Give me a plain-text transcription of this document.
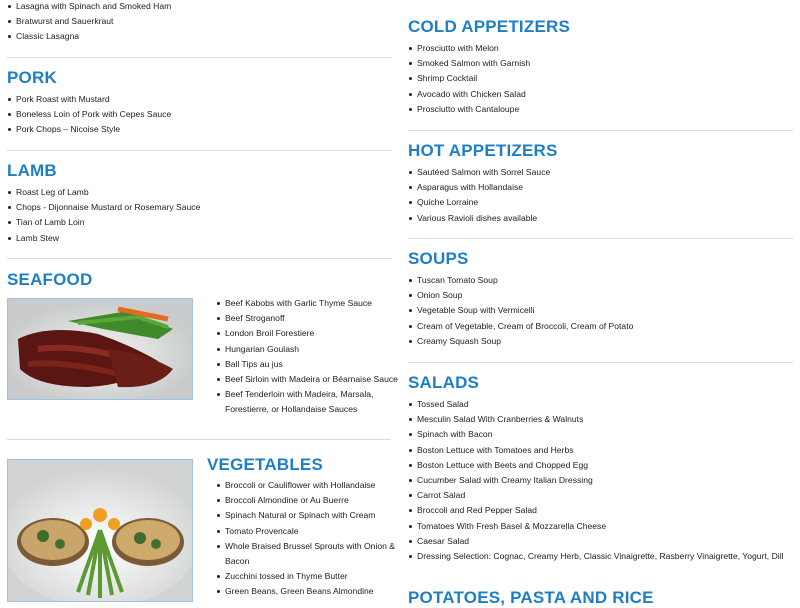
Lasagna with Spinach and Smoked Ham
Bratwurst and Sauerkraut
Classic Lasagna
PORK
Pork Roast with Mustard
Boneless Loin of Pork with Cepes Sauce
Pork Chops – Nicoise Style
LAMB
Roast Leg of Lamb
Chops - Dijonnaise Mustard or Rosemary Sauce
Tian of Lamb Loin
Lamb Stew
SEAFOOD
Beef Kabobs with Garlic Thyme Sauce
Beef Stroganoff
London Broil Forestiere
Hungarian Goulash
Ball Tips au jus
Beef Sirloin with Madeira or Béarnaise Sauce
Beef Tenderloin with Madeira, Marsala, Forestierre, or Hollandaise Sauces
VEGETABLES
Broccoli or Cauliflower with Hollandaise
Broccoli Almondine or Au Buerre
Spinach Natural or Spinach with Cream
Tomato Provencale
Whole Braised Brussel Sprouts with Onion & Bacon
Zucchini tossed in Thyme Butter
Green Beans, Green Beans Almondine
COLD APPETIZERS
Prosciutto with Melon
Smoked Salmon with Garnish
Shrimp Cocktail
Avocado with Chicken Salad
Prosciutto with Cantaloupe
HOT APPETIZERS
Sautéed Salmon with Sorrel Sauce
Asparagus with Hollandaise
Quiche Lorraine
Various Ravioli dishes available
SOUPS
Tuscan Tomato Soup
Onion Soup
Vegetable Soup with Vermicelli
Cream of Vegetable, Cream of Broccoli, Cream of Potato
Creamy Squash Soup
SALADS
Tossed Salad
Mesculin Salad With Cranberries & Walnuts
Spinach with Bacon
Boston Lettuce with Tomatoes and Herbs
Boston Lettuce with Beets and Chopped Egg
Cucumber Salad with Creamy Italian Dressing
Carrot Salad
Broccoli and Red Pepper Salad
Tomatoes With Fresh Basel & Mozzarella Cheese
Caesar Salad
Dressing Selection: Cognac, Creamy Herb, Classic Vinaigrette, Rasberry Vinaigrette, Yogurt, Dill
POTATOES, PASTA AND RICE
